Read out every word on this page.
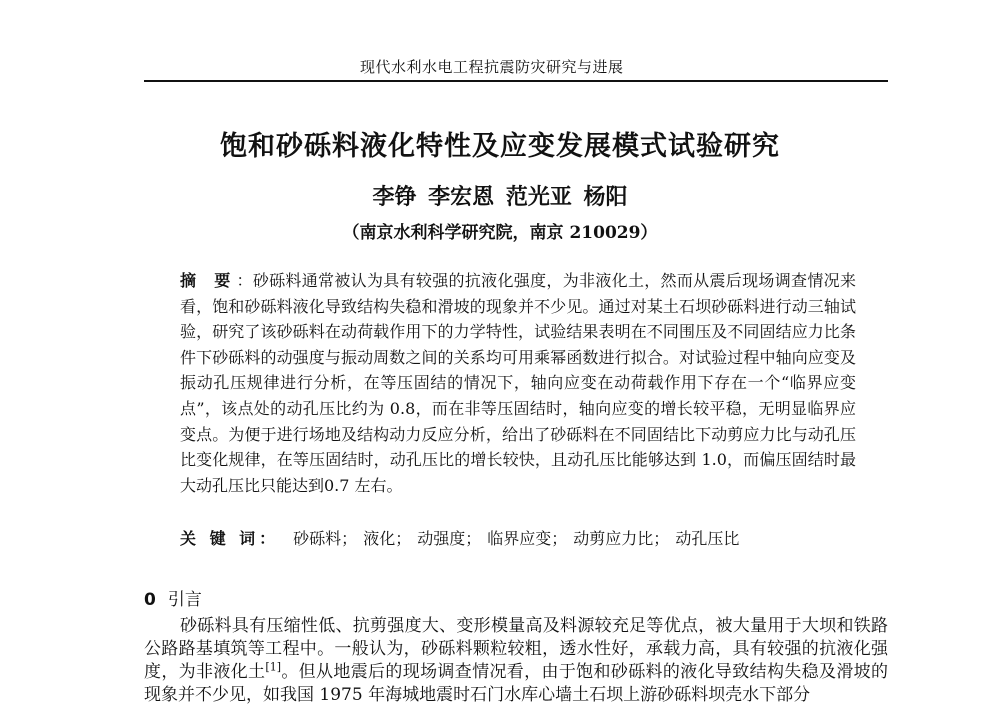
现代水利水电工程抗震防灾研究与进展
饱和砂砾料液化特性及应变发展模式试验研究
李铮 李宏恩 范光亚 杨阳
（南京水利科学研究院，南京 210029）

摘 要：砂砾料通常被认为具有较强的抗液化强度，为非液化土，然而从震后现场调查情况来看，饱和砂砾料液化导致结构失稳和滑坡的现象并不少见。通过对某土石坝砂砾料进行动三轴试验，研究了该砂砾料在动荷载作用下的力学特性，试验结果表明在不同围压及不同固结应力比条件下砂砾料的动强度与振动周数之间的关系均可用乘幂函数进行拟合。对试验过程中轴向应变及振动孔压规律进行分析，在等压固结的情况下，轴向应变在动荷载作用下存在一个“临界应变点”，该点处的动孔压比约为 0.8，而在非等压固结时，轴向应变的增长较平稳，无明显临界应变点。为便于进行场地及结构动力反应分析，给出了砂砾料在不同固结比下动剪应力比与动孔压比变化规律，在等压固结时，动孔压比的增长较快，且动孔压比能够达到 1.0，而偏压固结时最大动孔压比只能达到0.7 左右。

关 键 词： 砂砾料； 液化； 动强度； 临界应变； 动剪应力比； 动孔压比
0 引言

砂砾料具有压缩性低、抗剪强度大、变形模量高及料源较充足等优点，被大量用于大坝和铁路公路路基填筑等工程中。一般认为，砂砾料颗粒较粗，透水性好，承载力高，具有较强的抗液化强度，为非液化土[1]。但从地震后的现场调查情况看，由于饱和砂砾料的液化导致结构失稳及滑坡的现象并不少见，如我国 1975 年海城地震时石门水库心墙土石坝上游砂砾料坝壳水下部分
